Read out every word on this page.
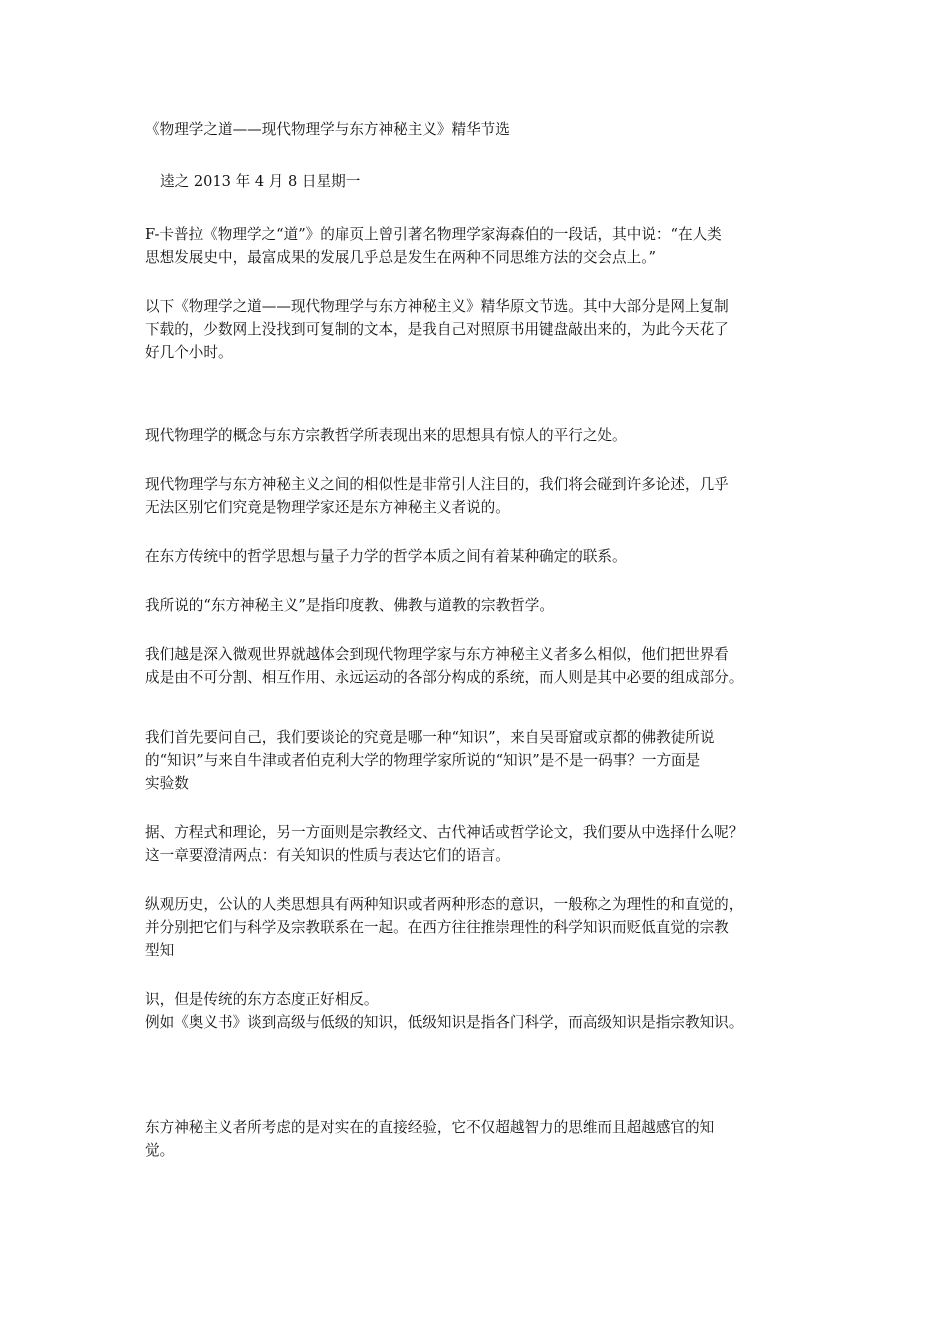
《物理学之道——现代物理学与东方神秘主义》精华节选

逵之 2013 年 4 月 8 日星期一

F-卡普拉《物理学之“道”》的扉页上曾引著名物理学家海森伯的一段话，其中说：“在人类
思想发展史中，最富成果的发展几乎总是发生在两种不同思维方法的交会点上。”

以下《物理学之道——现代物理学与东方神秘主义》精华原文节选。其中大部分是网上复制
下载的，少数网上没找到可复制的文本，是我自己对照原书用键盘敲出来的，为此今天花了
好几个小时。

现代物理学的概念与东方宗教哲学所表现出来的思想具有惊人的平行之处。

现代物理学与东方神秘主义之间的相似性是非常引人注目的，我们将会碰到许多论述，几乎
无法区别它们究竟是物理学家还是东方神秘主义者说的。

在东方传统中的哲学思想与量子力学的哲学本质之间有着某种确定的联系。

我所说的“东方神秘主义”是指印度教、佛教与道教的宗教哲学。

我们越是深入微观世界就越体会到现代物理学家与东方神秘主义者多么相似，他们把世界看
成是由不可分割、相互作用、永远运动的各部分构成的系统，而人则是其中必要的组成部分。

我们首先要问自己，我们要谈论的究竟是哪一种“知识”，来自吴哥窟或京都的佛教徒所说
的“知识”与来自牛津或者伯克利大学的物理学家所说的“知识”是不是一码事？一方面是
实验数

据、方程式和理论，另一方面则是宗教经文、古代神话或哲学论文，我们要从中选择什么呢？
这一章要澄清两点：有关知识的性质与表达它们的语言。

纵观历史，公认的人类思想具有两种知识或者两种形态的意识，一般称之为理性的和直觉的，
并分别把它们与科学及宗教联系在一起。在西方往往推崇理性的科学知识而贬低直觉的宗教
型知

识，但是传统的东方态度正好相反。
例如《奥义书》谈到高级与低级的知识，低级知识是指各门科学，而高级知识是指宗教知识。

东方神秘主义者所考虑的是对实在的直接经验，它不仅超越智力的思维而且超越感官的知
觉。
